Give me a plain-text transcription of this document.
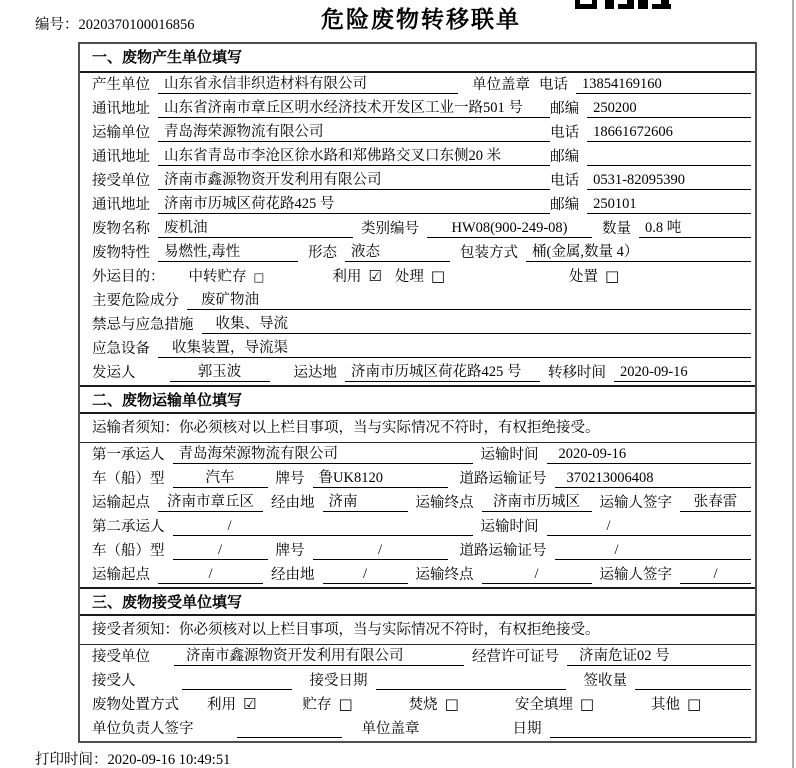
编号：2020370100016856	危险废物转移联单
一、废物产生单位填写
产生单位 山东省永信非织造材料有限公司	单位盖章 电话 13854169160
通讯地址 山东省济南市章丘区明水经济技术开发区工业一路501 号	邮编 250200
运输单位 青岛海荣源物流有限公司	电话 18661672606
通讯地址 山东省青岛市李沧区徐水路和郑佛路交叉口东侧20 米	邮编
接受单位 济南市鑫源物资开发利用有限公司	电话 0531-82095390
通讯地址 济南市历城区荷花路425 号	邮编 250101
废物名称 废机油	类别编号	HW08(900-249-08)	数量 0.8 吨
废物特性 易燃性,毒性	形态 液态	包装方式 桶(金属,数量 4）
外运目的： 中转贮存 □	利用 ☑ 处理 □	处置 □
主要危险成分	废矿物油
禁忌与应急措施	收集、导流
应急设备	收集装置，导流渠
发运人	郭玉波	运达地 济南市历城区荷花路425 号	转移时间 2020-09-16
二、废物运输单位填写
运输者须知：你必须核对以上栏目事项，当与实际情况不符时，有权拒绝接受。
第一承运人 青岛海荣源物流有限公司	运输时间	2020-09-16
车（船）型	汽车	牌号 鲁UK8120	道路运输证号	370213006408
运输起点	济南市章丘区	经由地 济南	运输终点	济南市历城区	运输人签字	张春雷
第二承运人	/	运输时间	/
车（船）型	/	牌号	/	道路运输证号	/
运输起点	/	经由地	/	运输终点	/	运输人签字	/
三、废物接受单位填写
接受者须知：你必须核对以上栏目事项，当与实际情况不符时，有权拒绝接受。
接受单位	济南市鑫源物资开发利用有限公司	经营许可证号	济南危证02 号
接受人	接受日期	签收量
废物处置方式 利用 ☑	贮存 □	焚烧 □	安全填埋 □	其他 □
单位负责人签字	单位盖章	日期
打印时间：2020-09-16 10:49:51
